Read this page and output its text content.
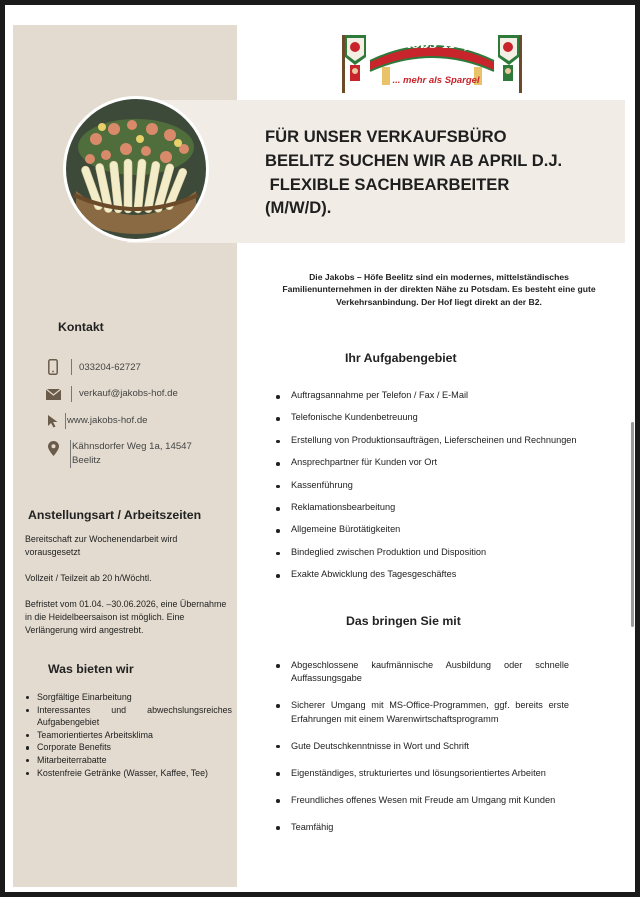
Jakobs-Höfe
... mehr als Spargel
FÜR UNSER VERKAUFSBÜRO
BEELITZ SUCHEN WIR AB APRIL D.J.
FLEXIBLE SACHBEARBEITER
(M/W/D).
Die Jakobs – Höfe Beelitz sind ein modernes, mittelständisches Familienunternehmen in der direkten Nähe zu Potsdam. Es besteht eine gute Verkehrsanbindung. Der Hof liegt direkt an der B2.
Kontakt
033204-62727
verkauf@jakobs-hof.de
www.jakobs-hof.de
Kähnsdorfer Weg 1a, 14547
Beelitz
Anstellungsart / Arbeitszeiten
Bereitschaft zur Wochenendarbeit wird vorausgesetzt
Vollzeit / Teilzeit ab 20 h/Wöchtl.
Befristet vom 01.04. –30.06.2026, eine Übernahme in die Heidelbeersaison ist möglich. Eine Verlängerung wird angestrebt.
Was bieten wir
Sorgfältige Einarbeitung
Interessantes und abwechslungsreiches Aufgabengebiet
Teamorientiertes Arbeitsklima
Corporate Benefits
Mitarbeiterrabatte
Kostenfreie Getränke (Wasser, Kaffee, Tee)
Ihr Aufgabengebiet
Auftragsannahme per Telefon / Fax / E-Mail
Telefonische Kundenbetreuung
Erstellung von Produktionsaufträgen, Lieferscheinen und Rechnungen
Ansprechpartner für Kunden vor Ort
Kassenführung
Reklamationsbearbeitung
Allgemeine Bürotätigkeiten
Bindeglied zwischen Produktion und Disposition
Exakte Abwicklung des Tagesgeschäftes
Das bringen Sie mit
Abgeschlossene kaufmännische Ausbildung oder schnelle Auffassungsgabe
Sicherer Umgang mit MS-Office-Programmen, ggf. bereits erste Erfahrungen mit einem Warenwirtschaftsprogramm
Gute Deutschkenntnisse in Wort und Schrift
Eigenständiges, strukturiertes und lösungsorientiertes Arbeiten
Freundliches offenes Wesen mit Freude am Umgang mit Kunden
Teamfähig
